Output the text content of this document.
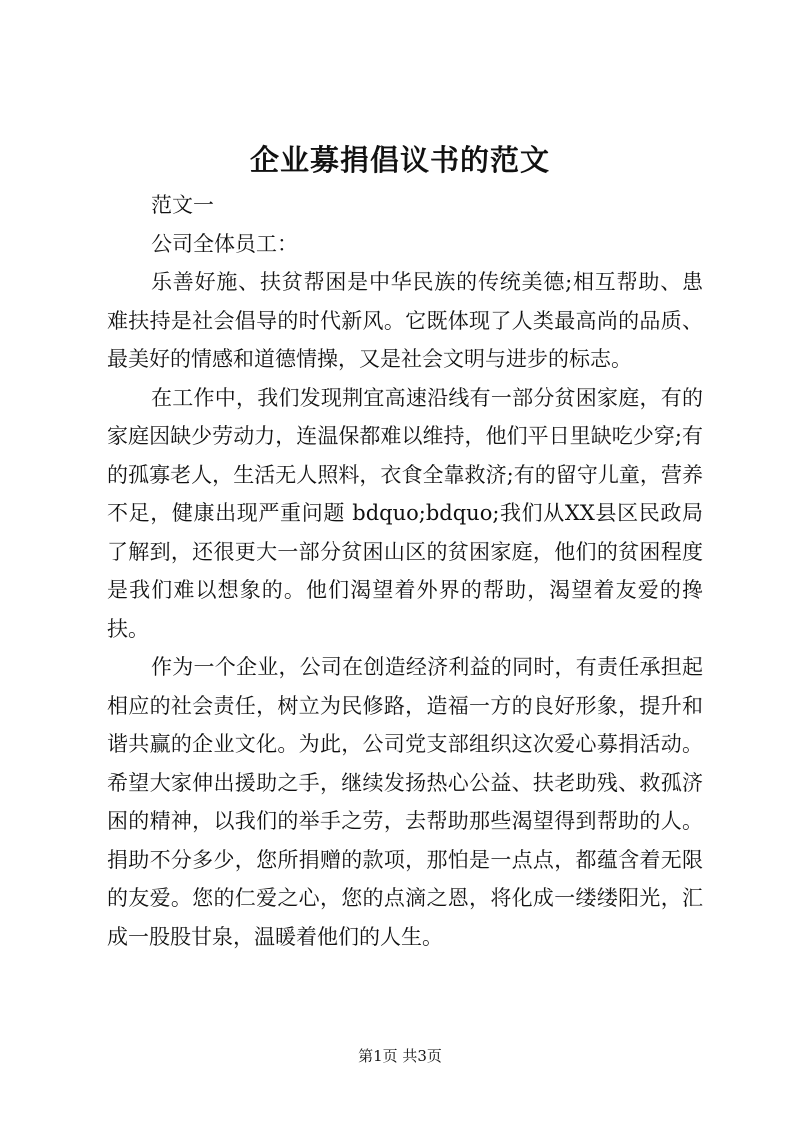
企业募捐倡议书的范文

范文一

公司全体员工：

乐善好施、扶贫帮困是中华民族的传统美德;相互帮助、患难扶持是社会倡导的时代新风。它既体现了人类最高尚的品质、最美好的情感和道德情操，又是社会文明与进步的标志。

在工作中，我们发现荆宜高速沿线有一部分贫困家庭，有的家庭因缺少劳动力，连温保都难以维持，他们平日里缺吃少穿;有的孤寡老人，生活无人照料，衣食全靠救济;有的留守儿童，营养不足，健康出现严重问题 bdquo;bdquo;我们从XX县区民政局了解到，还很更大一部分贫困山区的贫困家庭，他们的贫困程度是我们难以想象的。他们渴望着外界的帮助，渴望着友爱的搀扶。

作为一个企业，公司在创造经济利益的同时，有责任承担起相应的社会责任，树立为民修路，造福一方的良好形象，提升和谐共赢的企业文化。为此，公司党支部组织这次爱心募捐活动。希望大家伸出援助之手，继续发扬热心公益、扶老助残、救孤济困的精神，以我们的举手之劳，去帮助那些渴望得到帮助的人。捐助不分多少，您所捐赠的款项，那怕是一点点，都蕴含着无限的友爱。您的仁爱之心，您的点滴之恩，将化成一缕缕阳光，汇成一股股甘泉，温暖着他们的人生。

第1页 共3页
